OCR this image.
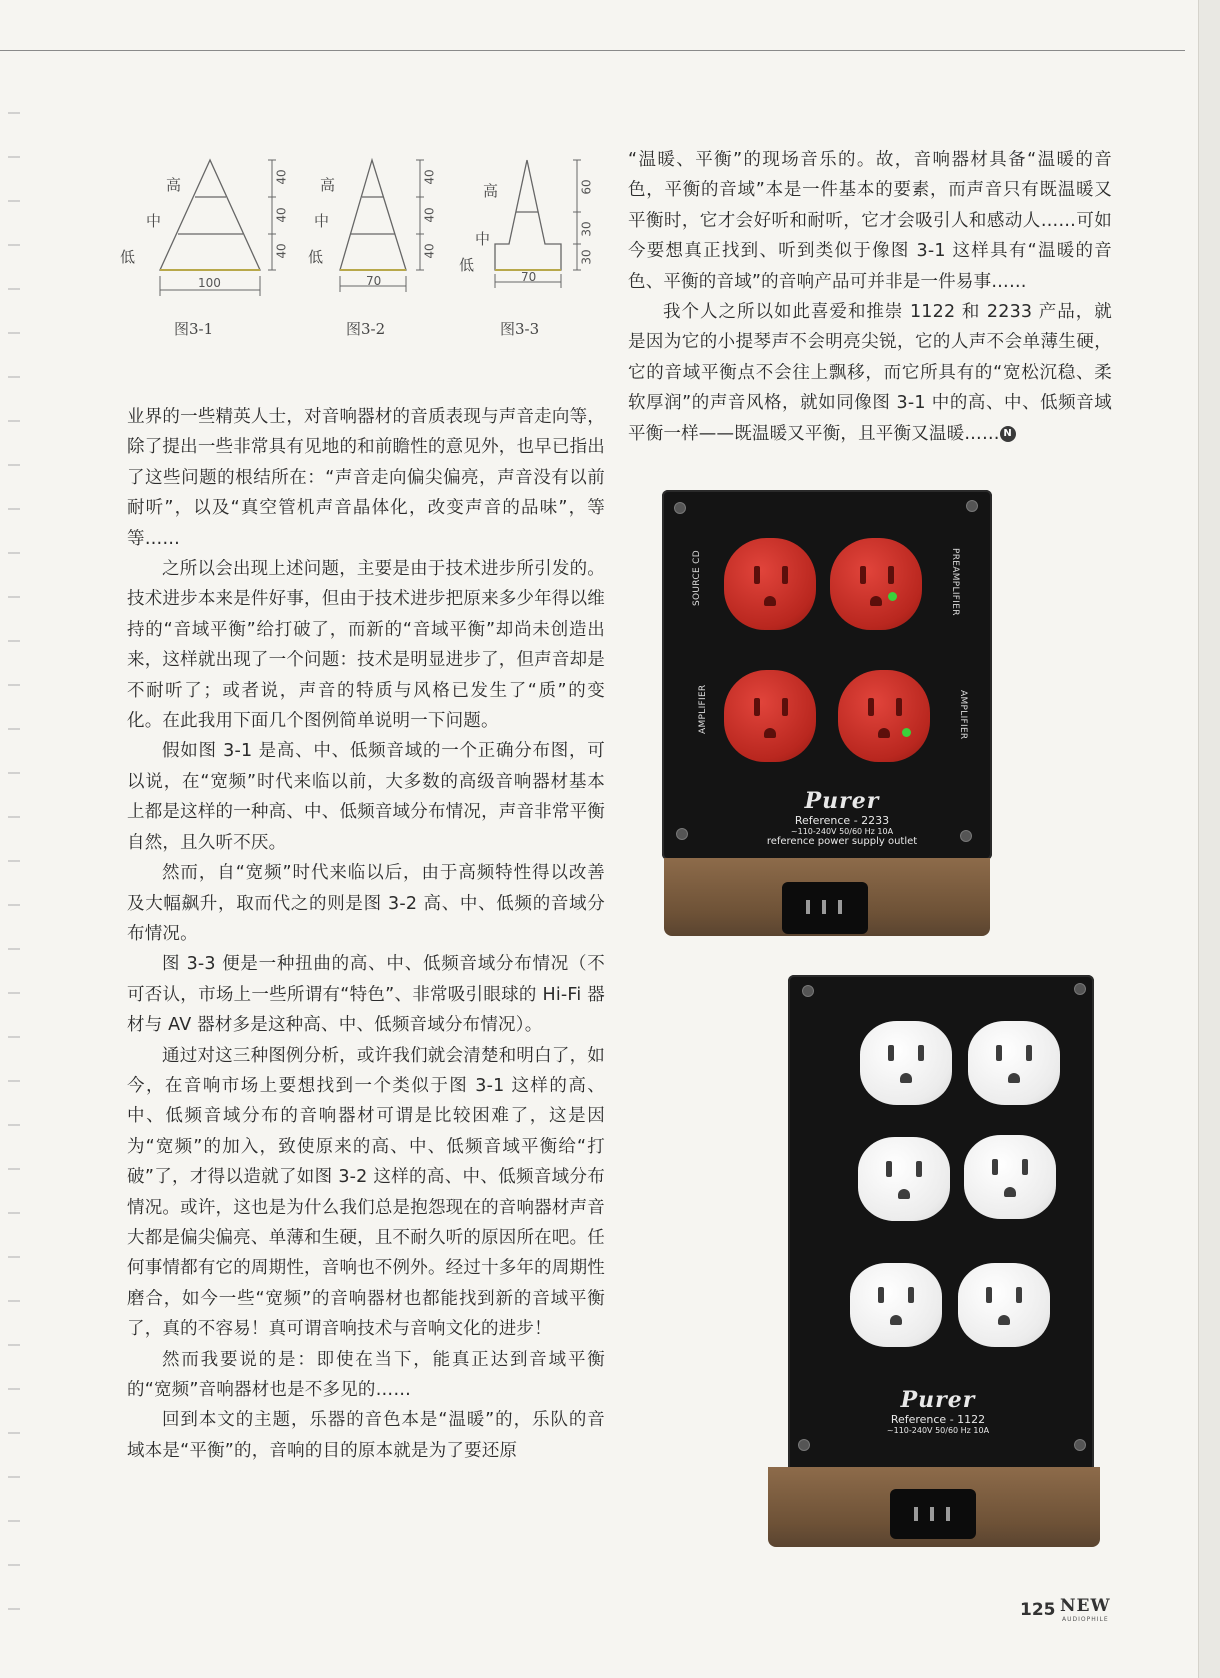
高
中
低
40
40
40
100
图3-1
高
中
低
40
40
40
70
图3-2
高
中
低
60
30
30
70
图3-3

业界的一些精英人士，对音响器材的音质表现与声音走向等，除了提出一些非常具有见地的和前瞻性的意见外，也早已指出了这些问题的根结所在：“声音走向偏尖偏亮，声音没有以前耐听”，以及“真空管机声音晶体化，改变声音的品味”，等等……

之所以会出现上述问题，主要是由于技术进步所引发的。技术进步本来是件好事，但由于技术进步把原来多少年得以维持的“音域平衡”给打破了，而新的“音域平衡”却尚未创造出来，这样就出现了一个问题：技术是明显进步了，但声音却是不耐听了；或者说，声音的特质与风格已发生了“质”的变化。在此我用下面几个图例简单说明一下问题。

假如图 3-1 是高、中、低频音域的一个正确分布图，可以说，在“宽频”时代来临以前，大多数的高级音响器材基本上都是这样的一种高、中、低频音域分布情况，声音非常平衡自然，且久听不厌。

然而，自“宽频”时代来临以后，由于高频特性得以改善及大幅飙升，取而代之的则是图 3-2 高、中、低频的音域分布情况。

图 3-3 便是一种扭曲的高、中、低频音域分布情况（不可否认，市场上一些所谓有“特色”、非常吸引眼球的 Hi-Fi 器材与 AV 器材多是这种高、中、低频音域分布情况）。

通过对这三种图例分析，或许我们就会清楚和明白了，如今，在音响市场上要想找到一个类似于图 3-1 这样的高、中、低频音域分布的音响器材可谓是比较困难了，这是因为“宽频”的加入，致使原来的高、中、低频音域平衡给“打破”了，才得以造就了如图 3-2 这样的高、中、低频音域分布情况。或许，这也是为什么我们总是抱怨现在的音响器材声音大都是偏尖偏亮、单薄和生硬，且不耐久听的原因所在吧。任何事情都有它的周期性，音响也不例外。经过十多年的周期性磨合，如今一些“宽频”的音响器材也都能找到新的音域平衡了，真的不容易！真可谓音响技术与音响文化的进步！

然而我要说的是：即使在当下，能真正达到音域平衡的“宽频”音响器材也是不多见的……

回到本文的主题，乐器的音色本是“温暖”的，乐队的音域本是“平衡”的，音响的目的原本就是为了要还原

“温暖、平衡”的现场音乐的。故，音响器材具备“温暖的音色，平衡的音域”本是一件基本的要素，而声音只有既温暖又平衡时，它才会好听和耐听，它才会吸引人和感动人……可如今要想真正找到、听到类似于像图 3-1 这样具有“温暖的音色、平衡的音域”的音响产品可并非是一件易事……

我个人之所以如此喜爱和推崇 1122 和 2233 产品，就是因为它的小提琴声不会明亮尖锐，它的人声不会单薄生硬，它的音域平衡点不会往上飘移，而它所具有的“宽松沉稳、柔软厚润”的声音风格，就如同像图 3-1 中的高、中、低频音域平衡一样——既温暖又平衡，且平衡又温暖…… N

SOURCE CD	PREAMPLIFIER
AMPLIFIER	AMPLIFIER
Purer
Reference - 2233
~110-240V 50/60 Hz 10A
reference power supply outlet
Purer
Reference - 1122
~110-240V 50/60 Hz 10A
125 NEW
AUDIOPHILE
